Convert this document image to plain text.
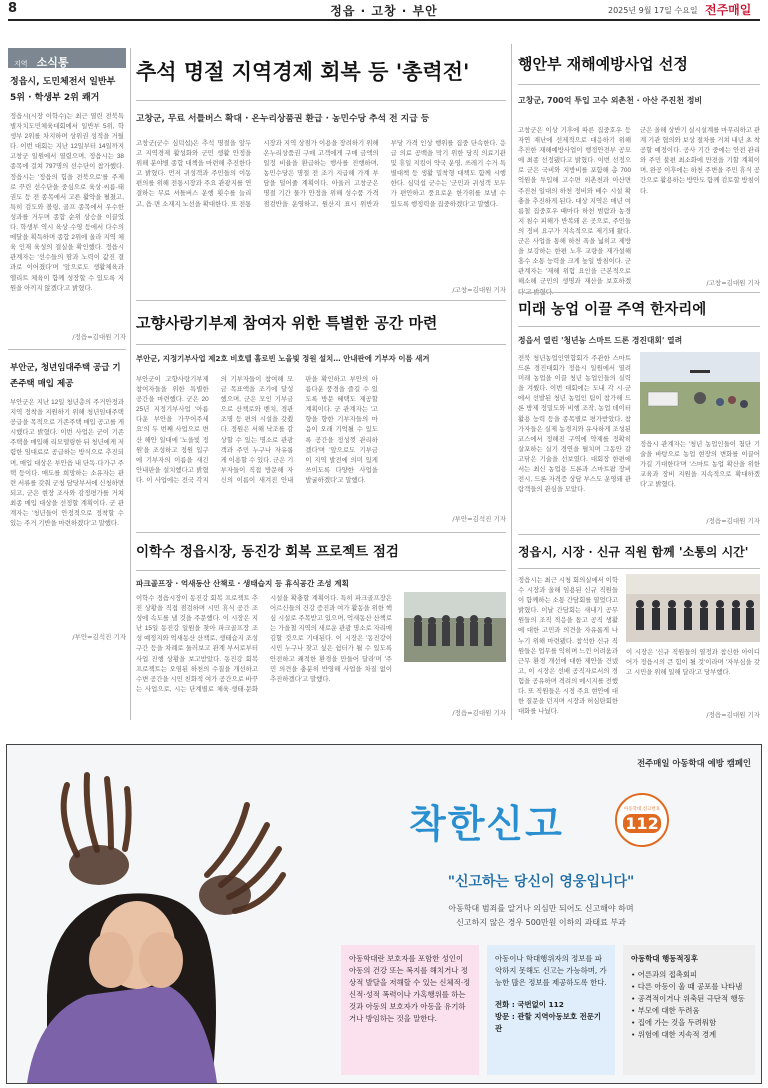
8	정읍 · 고창 · 부안	2025년 9월 17일 수요일 전주매일
지역 소식통
정읍시, 도민체전서 일반부 5위 · 학생부 2위 쾌거
정읍시(시장 이학수)는 최근 열린 전북특별자치도민체육대회에서 일반부 5위, 학생부 2위를 차지하며 상위권 성적을 거뒀다. 이번 대회는 지난 12일부터 14일까지 고창군 일원에서 열렸으며, 정읍시는 38종목에 걸쳐 797명의 선수단이 참가했다. 정읍시는 '정읍의 힘을 전북으로'를 주제로 꾸린 선수단을 중심으로 육상·씨름·태권도 등 전 종목에서 고른 활약을 펼쳤고, 특히 검도와 볼링, 골프 종목에서 우수한 성과를 거두며 종합 순위 상승을 이끌었다. 학생부 역시 육상·수영 등에서 다수의 메달을 획득하며 종합 2위에 올라 지역 체육 인재 육성의 결실을 확인했다. 정읍시 관계자는 '선수들의 땀과 노력이 값진 결과로 이어졌다'며 '앞으로도 생활체육과 엘리트 체육이 함께 성장할 수 있도록 지원을 아끼지 않겠다'고 밝혔다.
/정읍=김대원 기자
부안군, 청년임대주택 공급 기존주택 매입 제공
부안군은 지난 12일 청년층의 주거안정과 지역 정착을 지원하기 위해 청년임대주택 공급을 목적으로 기존주택 매입 공고를 게시했다고 밝혔다. 이번 사업은 군이 기존 주택을 매입해 리모델링한 뒤 청년에게 저렴한 임대료로 공급하는 방식으로 추진되며, 매입 대상은 부안읍 내 단독·다가구 주택 등이다. 매도를 희망하는 소유자는 관련 서류를 갖춰 군청 담당부서에 신청하면 되고, 군은 현장 조사와 감정평가를 거쳐 최종 매입 대상을 선정할 계획이다. 군 관계자는 '청년들이 안정적으로 정착할 수 있는 주거 기반을 마련하겠다'고 말했다.
/부안=김석진 기자
추석 명절 지역경제 회복 등 '총력전'
고창군, 무료 서틀버스 확대 · 온누리상품권 환급 · 농민수당 추석 전 지급 등
고창군(군수 심덕섭)은 추석 명절을 앞두고 지역경제 활성화와 군민 생활 안정을 위해 분야별 종합 대책을 마련해 추진한다고 밝혔다. 먼저 귀성객과 주민들의 이동 편의를 위해 전통시장과 주요 관광지를 연결하는 무료 셔틀버스 운행 횟수를 늘리고, 읍·면 소재지 노선을 확대한다. 또 전통시장과 지역 상점가 이용을 장려하기 위해 온누리상품권 구매 고객에게 구매 금액의 일정 비율을 환급하는 행사를 진행하며, 농민수당은 명절 전 조기 지급해 가계 부담을 덜어줄 계획이다. 아울러 고창군은 명절 기간 물가 안정을 위해 성수품 가격 점검반을 운영하고, 원산지 표시 위반과 부당 가격 인상 행위를 집중 단속한다. 응급 의료 공백을 막기 위한 당직 의료기관 및 휴일 지킴이 약국 운영, 쓰레기 수거 특별대책 등 생활 밀착형 대책도 함께 시행한다. 심덕섭 군수는 '군민과 귀성객 모두가 편안하고 풍요로운 한가위를 보낼 수 있도록 행정력을 집중하겠다'고 말했다.
/고창=김대원 기자
행안부 재해예방사업 선정
고창군, 700억 투입 고수 외촌천 · 아산 주진천 정비
고창군은 이상 기후에 따른 집중호우 등 자연 재난에 선제적으로 대응하기 위해 추진한 재해예방사업이 행정안전부 공모에 최종 선정됐다고 밝혔다. 이번 선정으로 군은 국비와 지방비를 포함해 총 700억원을 투입해 고수면 외촌천과 아산면 주진천 일대의 하천 정비와 배수 시설 확충을 추진하게 된다. 대상 지역은 매년 여름철 집중호우 때마다 하천 범람과 농경지 침수 피해가 반복돼 온 곳으로, 주민들의 정비 요구가 지속적으로 제기돼 왔다. 군은 사업을 통해 하천 폭을 넓히고 제방을 보강하는 한편 노후 교량을 재가설해 홍수 소통 능력을 크게 높일 방침이다. 군 관계자는 '재해 위험 요인을 근본적으로 해소해 군민의 생명과 재산을 보호하겠
군은 올해 상반기 실시설계를 마무리하고 관계 기관 협의와 보상 절차를 거쳐 내년 초 착공할 예정이다. 공사 기간 중에는 안전 관리와 주민 불편 최소화에 만전을 기할 계획이며, 완공 이후에는 하천 주변을 주민 휴식 공간으로 활용하는 방안도 함께 검토할 방침이다.
/고창=김대원 기자
고향사랑기부제 참여자 위한 특별한 공간 마련
부안군, 지정기부사업 제2호 비호텔 홀로빈 노을빛 정원 설치… 안내판에 기부자 이름 새겨
부안군이 고향사랑기부제 참여자들을 위한 특별한 공간을 마련했다. 군은 2025년 지정기부사업 '아름다운 부안을 가꾸어주세요'의 두 번째 사업으로 변산 해안 일대에 '노을빛 정원'을 조성하고 정원 입구에 기부자의 이름을 새긴 안내판을 설치했다고 밝혔다. 이 사업에는 전국 각지의 기부자들이 참여해 모금 목표액을 조기에 달성했으며, 군은 모인 기부금으로 산책로와 벤치, 경관 조명 등 편의 시설을 갖췄다. 정원은 서해 낙조를 감상할 수 있는 명소로 관광객과 주민 누구나 자유롭게 이용할 수 있다. 군은 기부자들이 직접 방문해 자신의 이름이 새겨진 안내판을 확인하고 부안의 아름다운 풍경을 즐길 수 있도록 방문 혜택도 제공할 계획이다. 군 관계자는 '고향을 향한 기부자들의 마음이 오래 기억될 수 있도록 공간을 정성껏 관리하겠다'며 '앞으로도 기부금이 지역 발전에 의미 있게 쓰이도록 다양한 사업을 발굴하겠다'고 말했다.
/부안=김석진 기자
미래 농업 이끌 주역 한자리에
정읍서 열린 '청년농 스마트 드론 경진대회' 열려
전북 청년농업인연합회가 주관한 스마트 드론 경진대회가 정읍시 일원에서 열려 미래 농업을 이끌 청년 농업인들의 실력을 겨뤘다. 이번 대회에는 도내 각 시·군에서 선발된 청년 농업인 팀이 참가해 드론 방제 정밀도와 비행 조작, 농업 데이터 활용 능력 등을 종목별로 평가받았다. 참가자들은 실제 농경지와 유사하게 조성된 코스에서 정해진 구역에 약제를 정확히 살포하는 실기 경연을 펼치며 그동안 갈고닦은 기술을 선보였다. 대회장 한편에서는 최신 농업용 드론과 스마트팜 장비 전시, 드론 자격증 상담 부스도 운영돼 관람객들의 관심을 모았다.
정읍시 관계자는 '청년 농업인들이 첨단 기술을 바탕으로 농업 현장의 변화를 이끌어 가길 기대한다'며 '스마트 농업 확산을 위한 교육과 장비 지원을 지속적으로 확대하겠다'고 밝혔다.
/정읍=김대원 기자
이학수 정읍시장, 동진강 회복 프로젝트 점검
파크골프장 · 억새동산 산책로 · 생태습지 등 휴식공간 조성 계획
이학수 정읍시장이 동진강 회복 프로젝트 추진 상황을 직접 점검하며 시민 휴식 공간 조성에 속도를 낼 것을 주문했다. 이 시장은 지난 15일 동진강 일원을 찾아 파크골프장 조성 예정지와 억새동산 산책로, 생태습지 조성 구간 등을 차례로 둘러보고 관계 부서로부터 사업 진행 상황을 보고받았다. 동진강 회복 프로젝트는 오염된 하천의 수질을 개선하고 수변 공간을 시민 친화적 여가 공간으로 바꾸는 사업으로, 시는 단계별로 체육·생태·문화 시설을 확충할 계획이다. 특히 파크골프장은 어르신들의 건강 증진과 여가 활동을 위한 핵심 시설로 주목받고 있으며, 억새동산 산책로는 가을철 지역의 새로운 관광 명소로 자리매김할 것으로 기대된다. 이 시장은 '동진강이 시민 누구나 찾고 싶은 쉼터가 될 수 있도록 안전하고 쾌적한 환경을 만들어 달라'며 '주민 의견을 충분히 반영해 사업을 차질 없이 추진하겠다'고 말했다.
/정읍=김대원 기자
정읍시, 시장 · 신규 직원 함께 '소통의 시간'
정읍시는 최근 시청 회의실에서 이학수 시장과 올해 임용된 신규 직원들이 함께하는 소통 간담회를 열었다고 밝혔다. 이날 간담회는 새내기 공무원들의 조직 적응을 돕고 공직 생활에 대한 고민과 의견을 자유롭게 나누기 위해 마련됐다. 참석한 신규 직원들은 업무를 익히며 느낀 어려움과 근무 환경 개선에 대한 제안을 건넸고, 이 시장은 선배 공직자로서의 경험을 공유하며 격려의 메시지를 전했다. 또 직원들은 시정 주요 현안에 대한 질문을 던지며 시장과 허심탄회한 대화를 나눴다.
이 시장은 '신규 직원들의 열정과 참신한 아이디어가 정읍시의 큰 힘이 될 것'이라며 '자부심을 갖고 시민을 위해 일해 달라'고 당부했다.
/정읍=김대원 기자
전주매일 아동학대 예방 캠페인
착한신고	아동학대 신고번호
112
"신고하는 당신이 영웅입니다"
아동학대 범죄를 알거나 의심만 되어도 신고해야 하며
신고하지 않은 경우 500만원 이하의 과태료 부과
아동학대란 보호자를 포함한 성인이 아동의 건강 또는 복지를 해치거나 정상적 발달을 저해할 수 있는 신체적·정신적·성적 폭력이나 가혹행위를 하는 것과 아동의 보호자가 아동을 유기하거나 방임하는 것을 말한다.
아동이나 학대행위자의 정보를 파악하지 못해도 신고는 가능하며, 가능한 많은 정보를 제공하도록 한다.
전화 : 국번없이 112
방문 : 관할 지역아동보호 전문기관
아동학대 행동적징후
• 어른과의 접촉회피
• 다른 아동이 울 때 공포를 나타냄
• 공격적이거나 위축된 극단적 행동
• 부모에 대한 두려움
• 집에 가는 것을 두려워함
• 위험에 대한 지속적 경계
